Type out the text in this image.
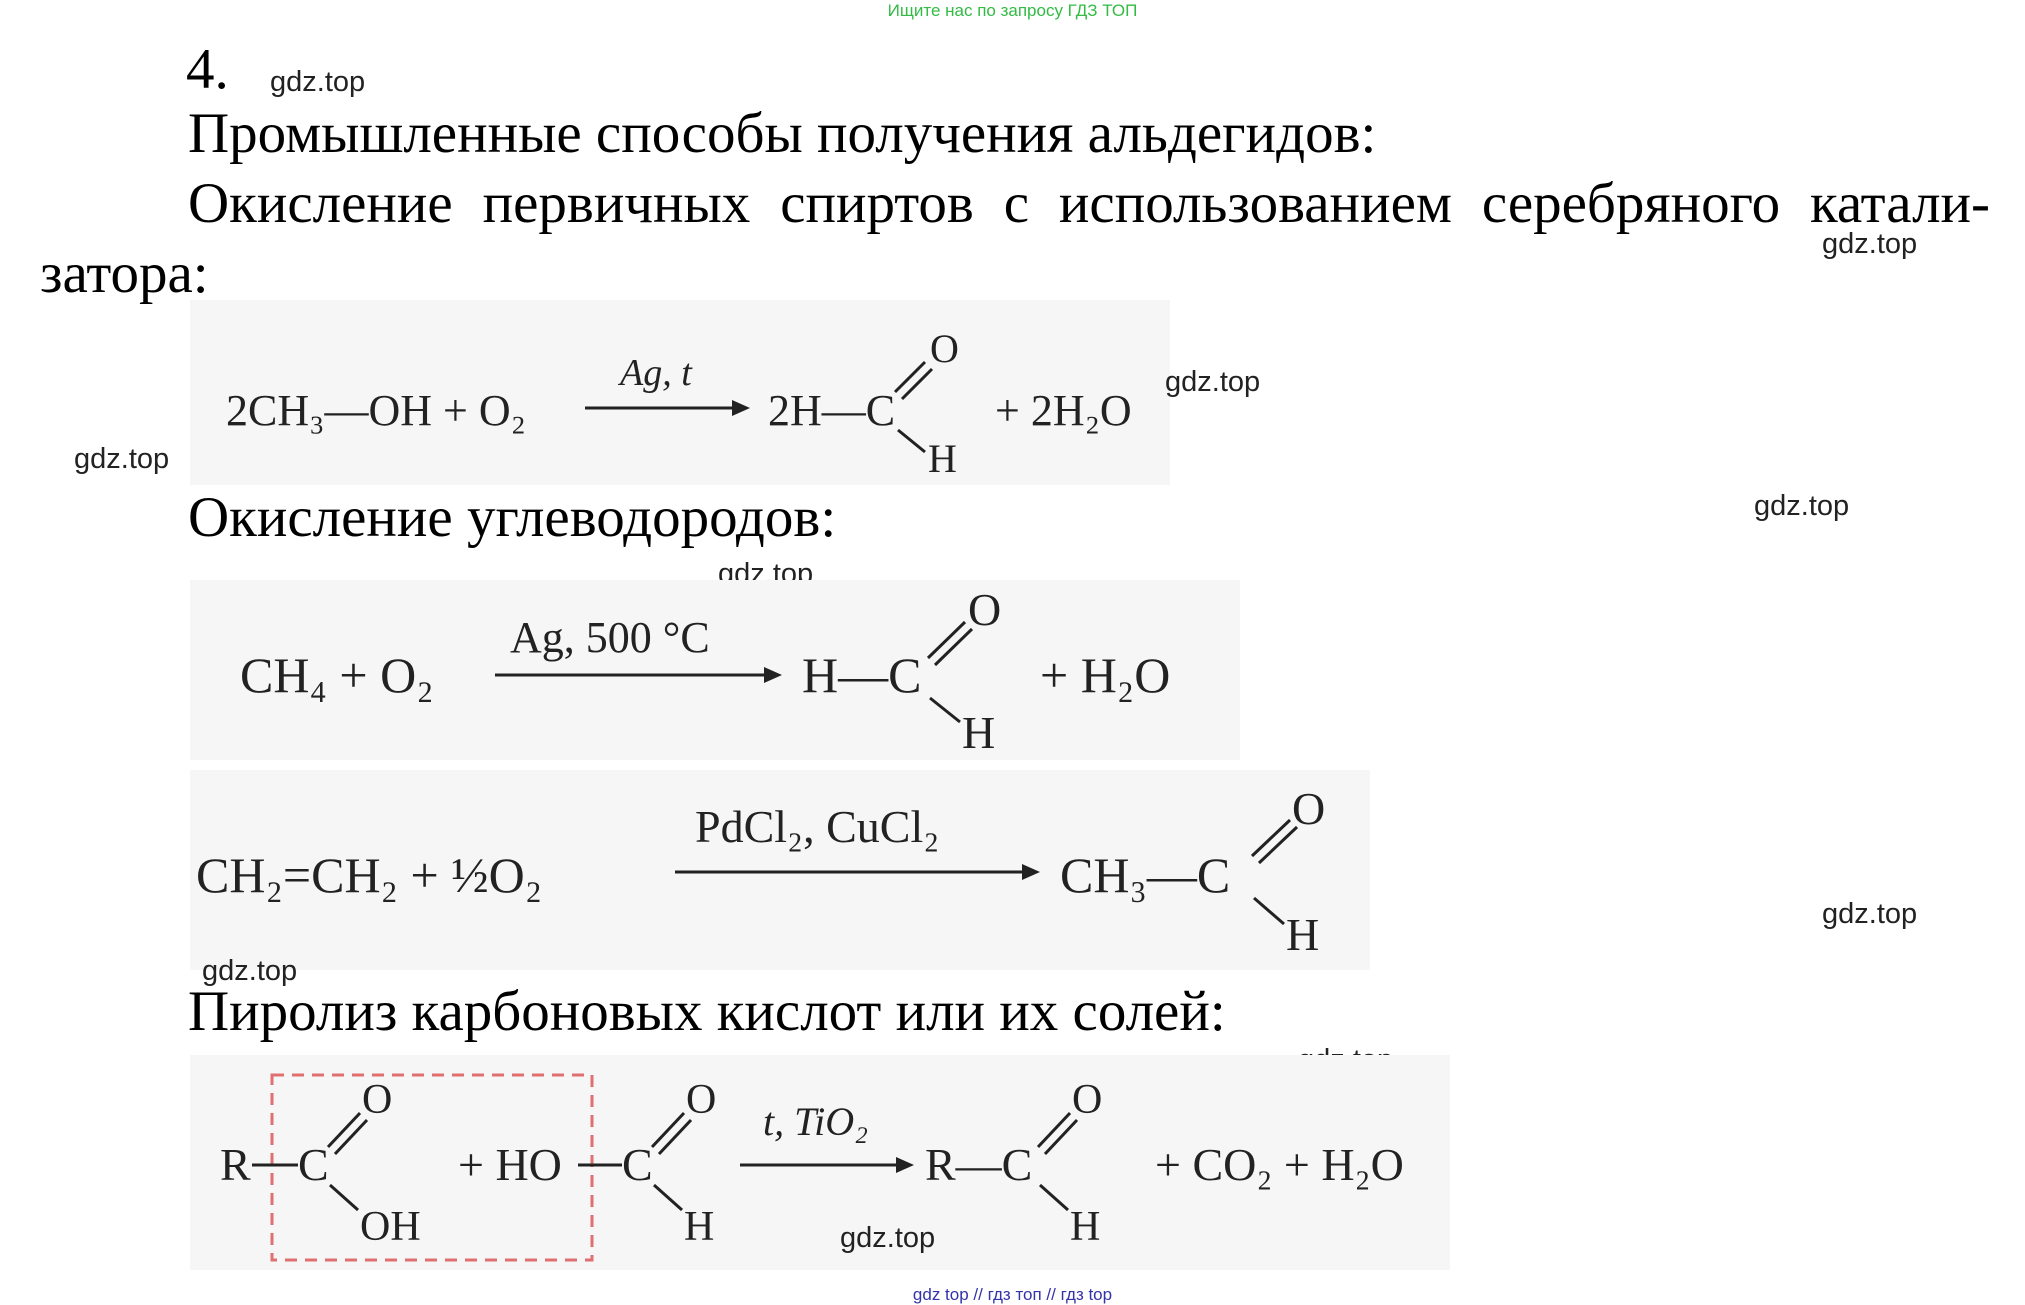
Ищите нас по запросу ГДЗ ТОП
4. gdz.top
Промышленные способы получения альдегидов:
Окисление первичных спиртов с использованием серебряного катали-
gdz.top
затора:
gdz.top
2CH₃—OH + O₂
Ag, t
2H—C
O
H
+ 2H₂O
gdz.top
gdz.top
Окисление углеводородов:	gdz.top
gdz.top
CH₄ + O₂
Ag, 500 °C
H—C
O
H
+ H₂O
gdz.top
CH₂=CH₂ + ½O₂
PdCl₂, CuCl₂
CH₃—C
O
H	gdz.top
gdz.top
Пиролиз карбоновых кислот или их солей:
gdz.top
R C
O
OH
+ HO C
O
H
t, TiO₂
R—C
O
H
+ CO₂ + H₂O
gdz.top
gdz top // гдз топ // гдз top
